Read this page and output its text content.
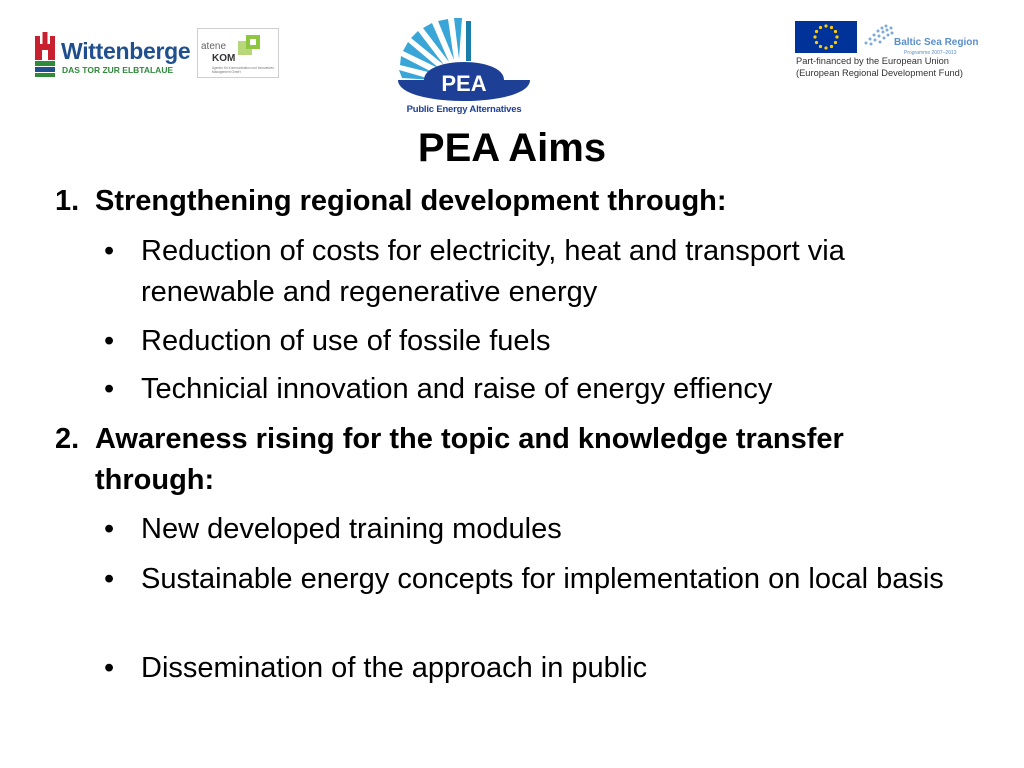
Wittenberge
DAS TOR ZUR ELBTALAUE
atene
KOM
Agentur für Kommunikation und Innovatives Management GmbH	PEA
Public Energy Alternatives
Baltic Sea Region
Programme 2007–2013
Part-financed by the European Union
(European Regional Development Fund)
PEA Aims
1. Strengthening regional development through:
• Reduction of costs for electricity, heat and transport via renewable and regenerative energy
• Reduction of use of fossile fuels
• Technicial innovation and raise of energy effiency
2. Awareness rising for the topic and knowledge transfer through:
• New developed training modules
• Sustainable energy concepts for implementation on local basis
• Dissemination of the approach in public
